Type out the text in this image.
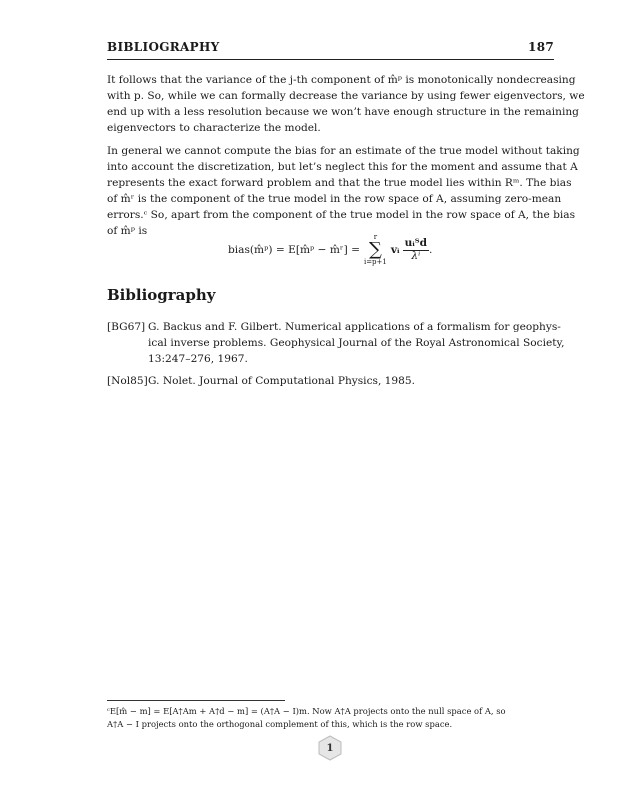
BIBLIOGRAPHY	187
It follows that the variance of the j-th component of m̂ᵖ is monotonically nondecreasing
with p. So, while we can formally decrease the variance by using fewer eigenvectors, we
end up with a less resolution because we won’t have enough structure in the remaining
eigenvectors to characterize the model.
In general we cannot compute the bias for an estimate of the true model without taking
into account the discretization, but let’s neglect this for the moment and assume that A
represents the exact forward problem and that the true model lies within Rᵐ. The bias
of m̂ʳ is the component of the true model in the row space of A, assuming zero-mean
errors.ᶜ So, apart from the component of the true model in the row space of A, the bias
of m̂ᵖ is
bias(m̂ᵖ) = E[m̂ᵖ − m̂ʳ] =
r
∑
i=p+1
vᵢ $\frac{\text{uᵢᵀd}}{\text{λⁱ}}$ .
Bibliography
[BG67] G. Backus and F. Gilbert. Numerical applications of a formalism for geophys-
ical inverse problems. Geophysical Journal of the Royal Astronomical Society,
13:247–276, 1967.
[Nol85] G. Nolet. Journal of Computational Physics, 1985.
ᶜE[m̂ − m] = E[A†Am + A†d − m] = (A†A − I)m. Now A†A projects onto the null space of A, so
A†A − I projects onto the orthogonal complement of this, which is the row space.
1
